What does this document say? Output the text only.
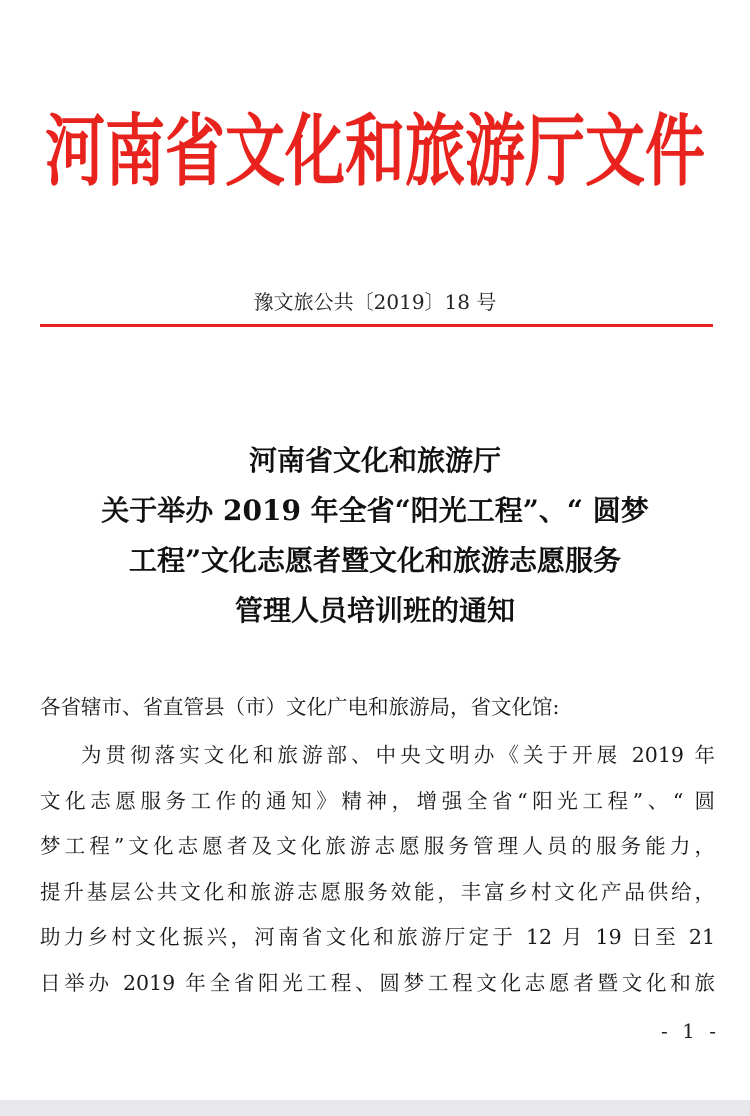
河南省文化和旅游厅文件
豫文旅公共〔2019〕18 号
河南省文化和旅游厅
关于举办 2019 年全省“阳光工程”、“ 圆梦
工程”文化志愿者暨文化和旅游志愿服务
管理人员培训班的通知
各省辖市、省直管县（市）文化广电和旅游局，省文化馆:
为贯彻落实文化和旅游部、中央文明办《关于开展 2019 年
文化志愿服务工作的通知》精神，增强全省“阳光工程”、“ 圆
梦工程”文化志愿者及文化旅游志愿服务管理人员的服务能力，
提升基层公共文化和旅游志愿服务效能，丰富乡村文化产品供给，
助力乡村文化振兴，河南省文化和旅游厅定于 12 月 19 日至 21
日举办 2019 年全省阳光工程、圆梦工程文化志愿者暨文化和旅
- 1 -
